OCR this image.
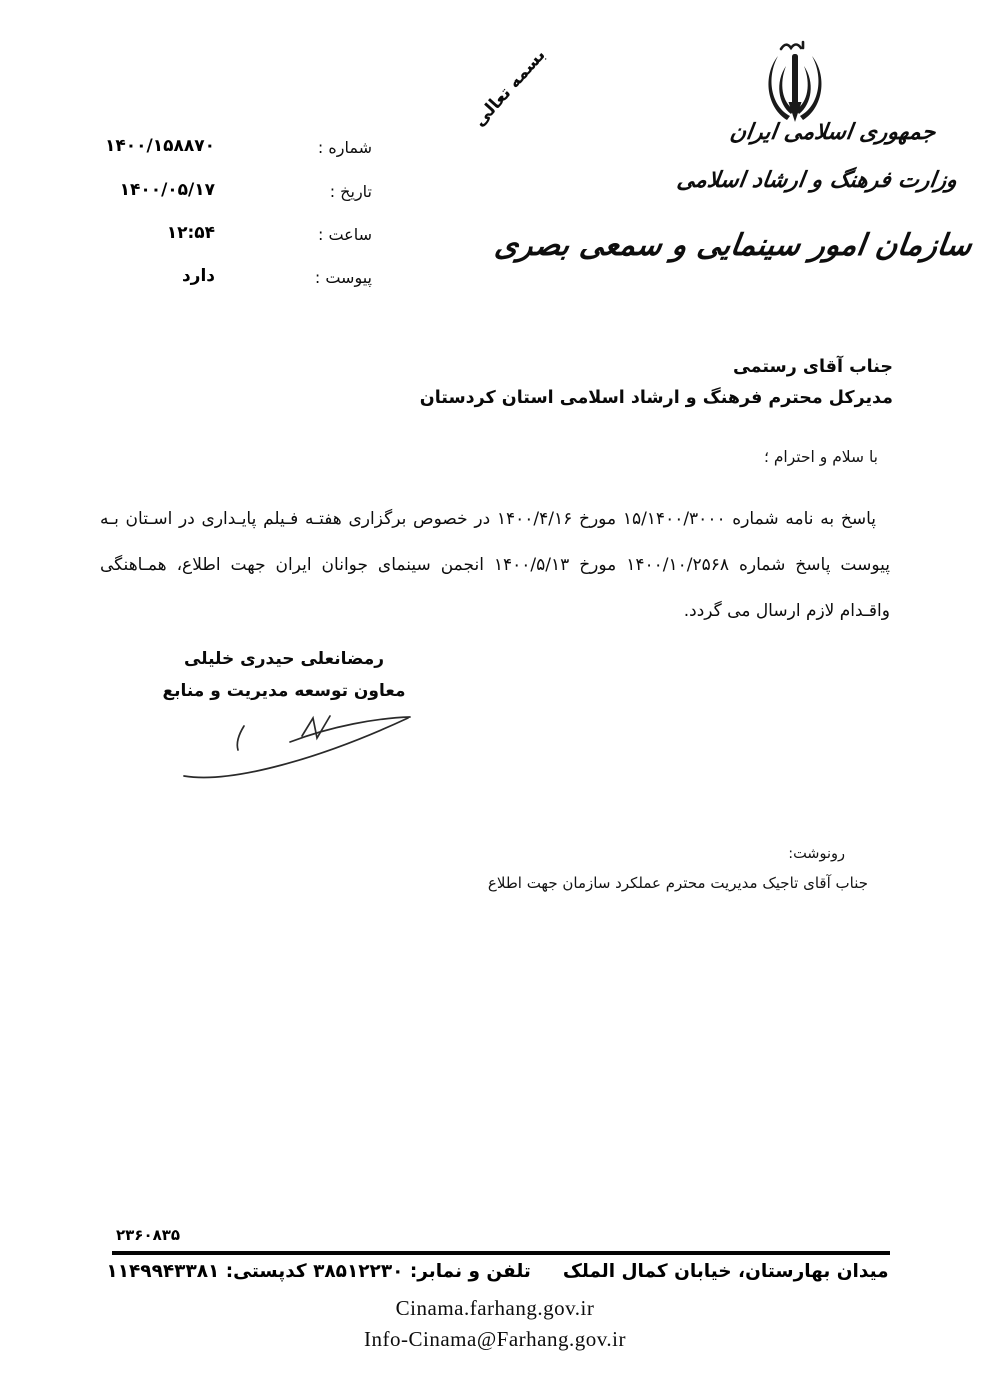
بسمه تعالی
جمهوری اسلامی ایران
وزارت فرهنگ و ارشاد اسلامی
سازمان امور سینمایی و سمعی بصری
شماره :
۱۴۰۰/۱۵۸۸۷۰
تاریخ :
۱۴۰۰/۰۵/۱۷
ساعت :
۱۲:۵۴
پیوست :
دارد
جناب آقای رستمی
مدیرکل محترم فرهنگ و ارشاد اسلامی استان کردستان
با سلام و احترام ؛
پاسخ به نامه شماره ۱۵/۱۴۰۰/۳۰۰۰ مورخ ۱۴۰۰/۴/۱۶ در خصوص برگزاری هفتـه فـیلم پایـداری در اسـتان بـه پیوست پاسخ شماره ۱۴۰۰/۱۰/۲۵۶۸ مورخ ۱۴۰۰/۵/۱۳ انجمن سینمای جوانان ایران جهت اطلاع، همـاهنگی واقـدام لازم ارسال می گردد.
رمضانعلی حیدری خلیلی
معاون توسعه مدیریت و منابع
رونوشت:
جناب آقای تاجیک مدیریت محترم عملکرد سازمان جهت اطلاع
۲۳۶۰۸۳۵
میدان بهارستان، خیابان کمال الملک
تلفن و نمابر: ۳۸۵۱۲۲۳۰ کدپستی: ۱۱۴۹۹۴۳۳۸۱
Cinama.farhang.gov.ir
Info-Cinama@Farhang.gov.ir
